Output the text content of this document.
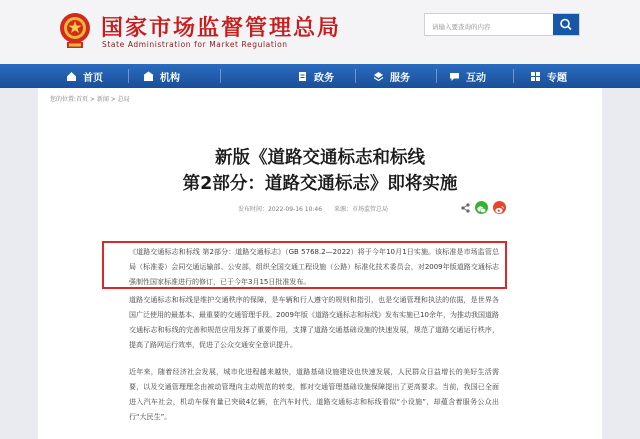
国家市场监督管理总局
State Administration for Market Regulation
请输入要查询的内容
首页	机构	政务	服务	互动	专题
您的位置:首页 > 新闻 > 总局
新版《道路交通标志和标线
第2部分：道路交通标志》即将实施
发布时间：2022-09-16 10:46 来源：市场监管总局

《道路交通标志和标线 第2部分：道路交通标志》（GB 5768.2—2022）将于今年10月1日实施。该标准是市场监管总局（标准委）会同交通运输部、公安部，组织全国交通工程设施（公路）标准化技术委员会，对2009年版道路交通标志强制性国家标准进行的修订，已于今年3月15日批准发布。

道路交通标志和标线是维护交通秩序的保障，是车辆和行人遵守的规则和指引，也是交通管理和执法的依据，是世界各国广泛使用的最基本、最重要的交通管理手段。2009年版《道路交通标志和标线》发布实施已10余年，为推动我国道路交通标志和标线的完善和规范应用发挥了重要作用，支撑了道路交通基础设施的快速发展，规范了道路交通运行秩序，提高了路网运行效率，促进了公众交通安全意识提升。

近年来，随着经济社会发展，城市化进程越来越快，道路基础设施建设也快速发展，人民群众日益增长的美好生活需要，以及交通管理理念由被动管理向主动规范的转变，都对交通管理基础设施保障提出了更高要求。当前，我国已全面进入汽车社会，机动车保有量已突破4亿辆，在汽车时代，道路交通标志和标线看似“小设施”，却蕴含着服务公众出行“大民生”。
